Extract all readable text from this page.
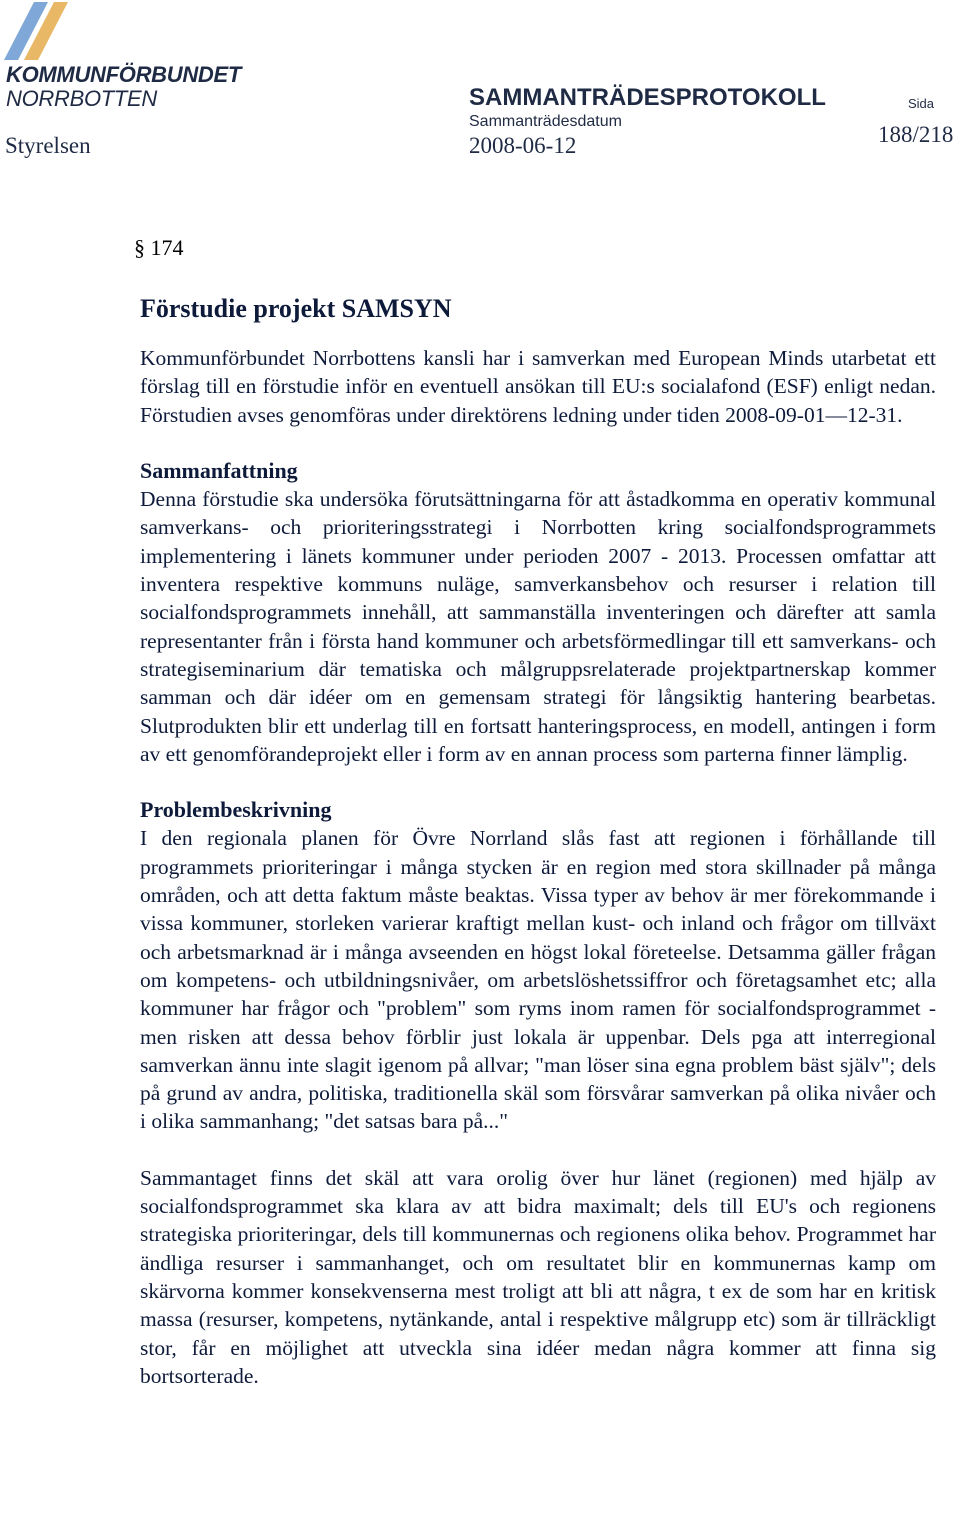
KOMMUNFÖRBUNDET
NORRBOTTEN	SAMMANTRÄDESPROTOKOLL	Sida
Sammanträdesdatum
Styrelsen	2008-06-12	188/218
§ 174
Förstudie projekt SAMSYN

Kommunförbundet Norrbottens kansli har i samverkan med European Minds utarbetat ett förslag till en förstudie inför en eventuell ansökan till EU:s socialafond (ESF) enligt nedan. Förstudien avses genomföras under direktörens ledning under tiden 2008-09-01—12-31.

Sammanfattning

Denna förstudie ska undersöka förutsättningarna för att åstadkomma en operativ kommunal samverkans- och prioriteringsstrategi i Norrbotten kring socialfondsprogrammets implementering i länets kommuner under perioden 2007 - 2013. Processen omfattar att inventera respektive kommuns nuläge, samverkansbehov och resurser i relation till socialfondsprogrammets innehåll, att sammanställa inventeringen och därefter att samla representanter från i första hand kommuner och arbetsförmedlingar till ett samverkans- och strategiseminarium där tematiska och målgruppsrelaterade projektpartnerskap kommer samman och där idéer om en gemensam strategi för långsiktig hantering bearbetas. Slutprodukten blir ett underlag till en fortsatt hanteringsprocess, en modell, antingen i form av ett genomförandeprojekt eller i form av en annan process som parterna finner lämplig.

Problembeskrivning

I den regionala planen för Övre Norrland slås fast att regionen i förhållande till programmets prioriteringar i många stycken är en region med stora skillnader på många områden, och att detta faktum måste beaktas. Vissa typer av behov är mer förekommande i vissa kommuner, storleken varierar kraftigt mellan kust- och inland och frågor om tillväxt och arbetsmarknad är i många avseenden en högst lokal företeelse. Detsamma gäller frågan om kompetens- och utbildningsnivåer, om arbetslöshetssiffror och företagsamhet etc; alla kommuner har frågor och "problem" som ryms inom ramen för socialfondsprogrammet - men risken att dessa behov förblir just lokala är uppenbar. Dels pga att interregional samverkan ännu inte slagit igenom på allvar; "man löser sina egna problem bäst själv"; dels på grund av andra, politiska, traditionella skäl som försvårar samverkan på olika nivåer och i olika sammanhang; "det satsas bara på..."

Sammantaget finns det skäl att vara orolig över hur länet (regionen) med hjälp av socialfondsprogrammet ska klara av att bidra maximalt; dels till EU's och regionens strategiska prioriteringar, dels till kommunernas och regionens olika behov. Programmet har ändliga resurser i sammanhanget, och om resultatet blir en kommunernas kamp om skärvorna kommer konsekvenserna mest troligt att bli att några, t ex de som har en kritisk massa (resurser, kompetens, nytänkande, antal i respektive målgrupp etc) som är tillräckligt stor, får en möjlighet att utveckla sina idéer medan några kommer att finna sig bortsorterade.
